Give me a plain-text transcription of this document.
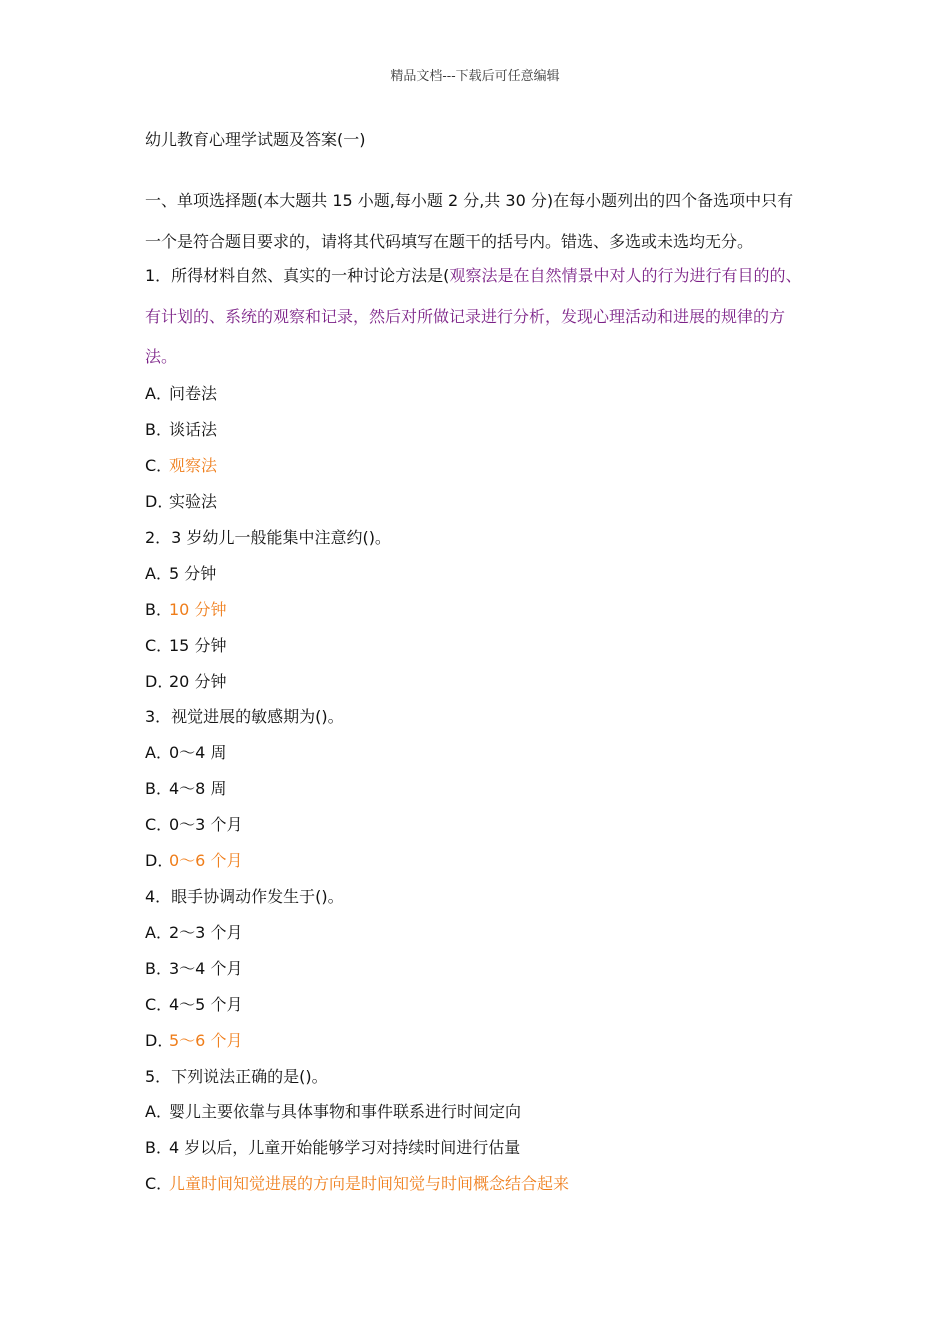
精品文档---下载后可任意编辑
幼儿教育心理学试题及答案(一)
一、单项选择题(本大题共 15 小题,每小题 2 分,共 30 分)在每小题列出的四个备选项中只有
一个是符合题目要求的，请将其代码填写在题干的括号内。错选、多选或未选均无分。
1．所得材料自然、真实的一种讨论方法是(观察法是在自然情景中对人的行为进行有目的的、
有计划的、系统的观察和记录，然后对所做记录进行分析，发现心理活动和进展的规律的方
法。
A．问卷法
B．谈话法
C．观察法
D．实验法
2．3 岁幼儿一般能集中注意约()。
A．5 分钟
B．10 分钟
C．15 分钟
D．20 分钟
3．视觉进展的敏感期为()。
A．0～4 周
B．4～8 周
C．0～3 个月
D．0～6 个月
4．眼手协调动作发生于()。
A．2～3 个月
B．3～4 个月
C．4～5 个月
D．5～6 个月
5．下列说法正确的是()。
A．婴儿主要依靠与具体事物和事件联系进行时间定向
B．4 岁以后，儿童开始能够学习对持续时间进行估量
C．儿童时间知觉进展的方向是时间知觉与时间概念结合起来
